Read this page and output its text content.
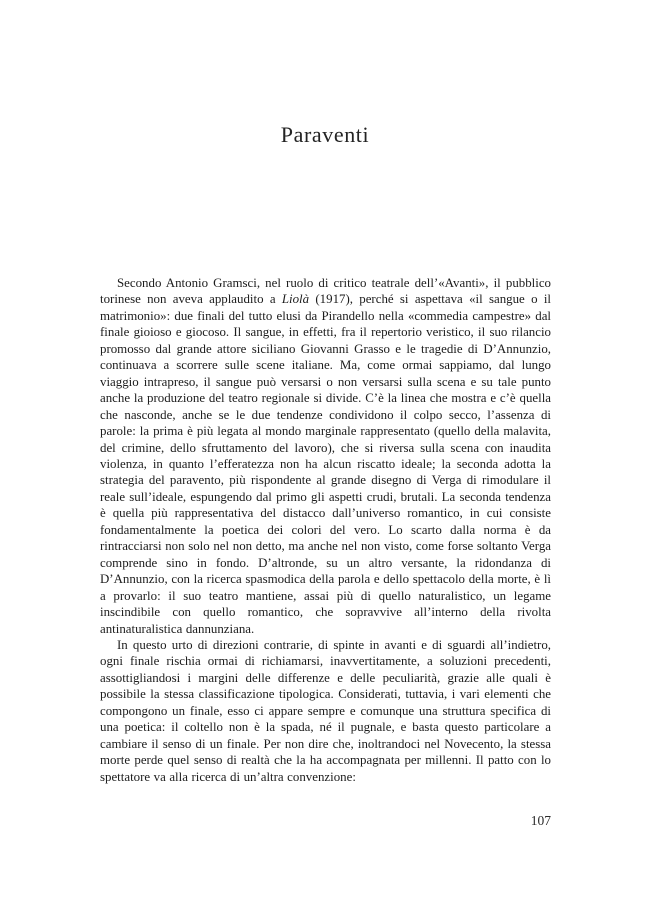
Paraventi

Secondo Antonio Gramsci, nel ruolo di critico teatrale dell’«Avanti», il pubblico torinese non aveva applaudito a Liolà (1917), perché si aspettava «il sangue o il matrimonio»: due finali del tutto elusi da Pirandello nella «commedia campestre» dal finale gioioso e giocoso. Il sangue, in effetti, fra il repertorio veristico, il suo rilancio promosso dal grande attore siciliano Giovanni Grasso e le tragedie di D’Annunzio, continuava a scorrere sulle scene italiane. Ma, come ormai sappiamo, dal lungo viaggio intrapreso, il sangue può versarsi o non versarsi sulla scena e su tale punto anche la produzione del teatro regionale si divide. C’è la linea che mostra e c’è quella che nasconde, anche se le due tendenze condividono il colpo secco, l’assenza di parole: la prima è più legata al mondo marginale rappresentato (quello della malavita, del crimine, dello sfruttamento del lavoro), che si riversa sulla scena con inaudita violenza, in quanto l’efferatezza non ha alcun riscatto ideale; la seconda adotta la strategia del paravento, più rispondente al grande disegno di Verga di rimodulare il reale sull’ideale, espungendo dal primo gli aspetti crudi, brutali. La seconda tendenza è quella più rappresentativa del distacco dall’universo romantico, in cui consiste fondamentalmente la poetica dei colori del vero. Lo scarto dalla norma è da rintracciarsi non solo nel non detto, ma anche nel non visto, come forse soltanto Verga comprende sino in fondo. D’altronde, su un altro versante, la ridondanza di D’Annunzio, con la ricerca spasmodica della parola e dello spettacolo della morte, è lì a provarlo: il suo teatro mantiene, assai più di quello naturalistico, un legame inscindibile con quello romantico, che sopravvive all’interno della rivolta antinaturalistica dannunziana.

In questo urto di direzioni contrarie, di spinte in avanti e di sguardi all’indietro, ogni finale rischia ormai di richiamarsi, inavvertitamente, a soluzioni precedenti, assottigliandosi i margini delle differenze e delle peculiarità, grazie alle quali è possibile la stessa classificazione tipologica. Considerati, tuttavia, i vari elementi che compongono un finale, esso ci appare sempre e comunque una struttura specifica di una poetica: il coltello non è la spada, né il pugnale, e basta questo particolare a cambiare il senso di un finale. Per non dire che, inoltrandoci nel Novecento, la stessa morte perde quel senso di realtà che la ha accompagnata per millenni. Il patto con lo spettatore va alla ricerca di un’altra convenzione:

107
